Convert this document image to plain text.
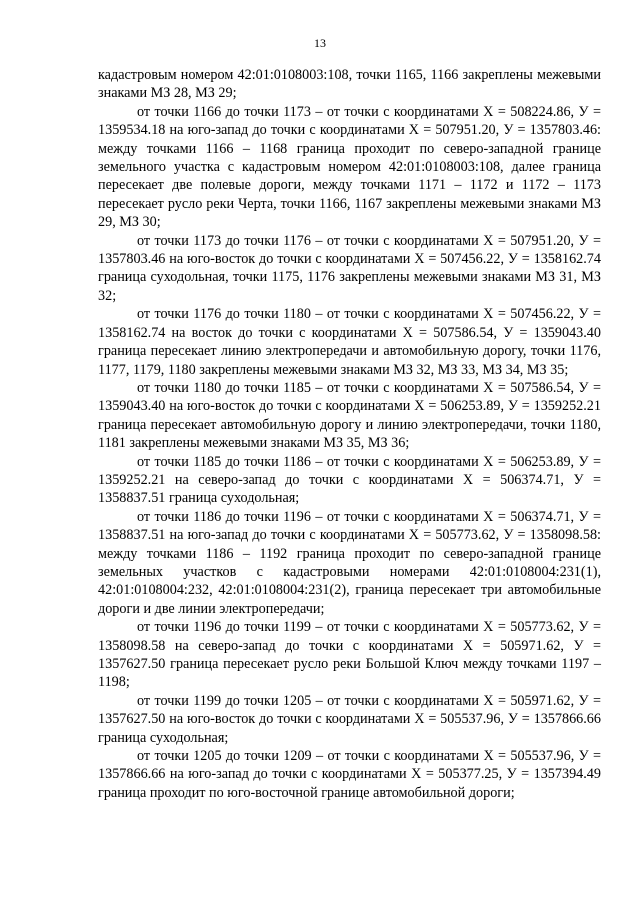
13

кадастровым номером 42:01:0108003:108, точки 1165, 1166 закреплены межевыми знаками МЗ 28, МЗ 29;

от точки 1166 до точки 1173 – от точки с координатами Х = 508224.86, У = 1359534.18 на юго-запад до точки с координатами Х = 507951.20, У = 1357803.46: между точками 1166 – 1168 граница проходит по северо-западной границе земельного участка с кадастровым номером 42:01:0108003:108, далее граница пересекает две полевые дороги, между точками 1171 – 1172 и 1172 – 1173 пересекает русло реки Черта, точки 1166, 1167 закреплены межевыми знаками МЗ 29, МЗ 30;

от точки 1173 до точки 1176 – от точки с координатами Х = 507951.20, У = 1357803.46 на юго-восток до точки с координатами Х = 507456.22, У = 1358162.74 граница суходольная, точки 1175, 1176 закреплены межевыми знаками МЗ 31, МЗ 32;

от точки 1176 до точки 1180 – от точки с координатами Х = 507456.22, У = 1358162.74 на восток до точки с координатами Х = 507586.54, У = 1359043.40 граница пересекает линию электропередачи и автомобильную дорогу, точки 1176, 1177, 1179, 1180 закреплены межевыми знаками МЗ 32, МЗ 33, МЗ 34, МЗ 35;

от точки 1180 до точки 1185 – от точки с координатами Х = 507586.54, У = 1359043.40 на юго-восток до точки с координатами Х = 506253.89, У = 1359252.21 граница пересекает автомобильную дорогу и линию электропередачи, точки 1180, 1181 закреплены межевыми знаками МЗ 35, МЗ 36;

от точки 1185 до точки 1186 – от точки с координатами Х = 506253.89, У = 1359252.21 на северо-запад до точки с координатами Х = 506374.71, У = 1358837.51 граница суходольная;

от точки 1186 до точки 1196 – от точки с координатами Х = 506374.71, У = 1358837.51 на юго-запад до точки с координатами Х = 505773.62, У = 1358098.58: между точками 1186 – 1192 граница проходит по северо-западной границе земельных участков с кадастровыми номерами 42:01:0108004:231(1), 42:01:0108004:232, 42:01:0108004:231(2), граница пересекает три автомобильные дороги и две линии электропередачи;

от точки 1196 до точки 1199 – от точки с координатами Х = 505773.62, У = 1358098.58 на северо-запад до точки с координатами Х = 505971.62, У = 1357627.50 граница пересекает русло реки Большой Ключ между точками 1197 – 1198;

от точки 1199 до точки 1205 – от точки с координатами Х = 505971.62, У = 1357627.50 на юго-восток до точки с координатами Х = 505537.96, У = 1357866.66 граница суходольная;

от точки 1205 до точки 1209 – от точки с координатами Х = 505537.96, У = 1357866.66 на юго-запад до точки с координатами Х = 505377.25, У = 1357394.49 граница проходит по юго-восточной границе автомобильной дороги;
